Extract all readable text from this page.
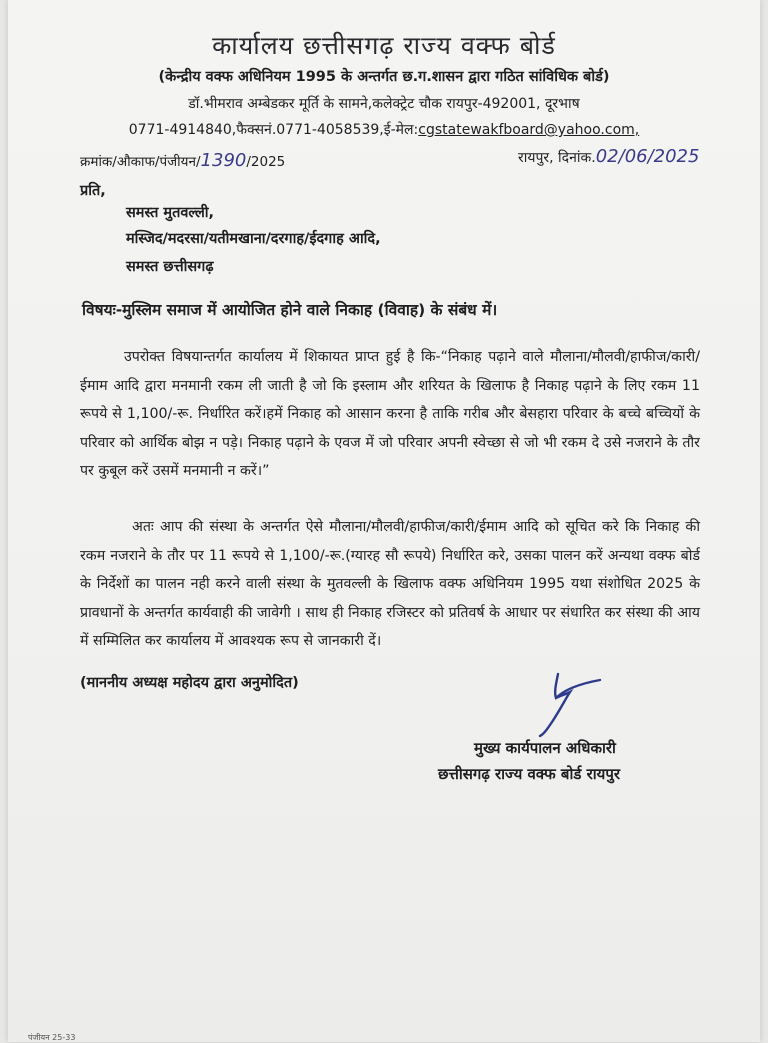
कार्यालय छत्तीसगढ़ राज्य वक्फ बोर्ड
(केन्द्रीय वक्फ अधिनियम 1995 के अन्तर्गत छ.ग.शासन द्वारा गठित सांविधिक बोर्ड)
डॉ.भीमराव अम्बेडकर मूर्ति के सामने,कलेक्ट्रेट चौक रायपुर-492001, दूरभाष
0771-4914840,फैक्सनं.0771-4058539,ई-मेल:cgstatewakfboard@yahoo.com,
क्रमांक/औकाफ/पंजीयन/1390/2025	रायपुर, दिनांक.02/06/2025
प्रति,
समस्त मुतवल्ली,
मस्जिद/मदरसा/यतीमखाना/दरगाह/ईदगाह आदि,
समस्त छत्तीसगढ़
विषयः-मुस्लिम समाज में आयोजित होने वाले निकाह (विवाह) के संबंध में।
उपरोक्त विषयान्तर्गत कार्यालय में शिकायत प्राप्त हुई है कि-“निकाह पढ़ाने वाले मौलाना/मौलवी/हाफीज/कारी/ईमाम आदि द्वारा मनमानी रकम ली जाती है जो कि इस्लाम और शरियत के खिलाफ है निकाह पढ़ाने के लिए रकम 11 रूपये से 1,100/-रू. निर्धारित करें।हमें निकाह को आसान करना है ताकि गरीब और बेसहारा परिवार के बच्चे बच्चियों के परिवार को आर्थिक बोझ न पड़े। निकाह पढ़ाने के एवज में जो परिवार अपनी स्वेच्छा से जो भी रकम दे उसे नजराने के तौर पर कुबूल करें उसमें मनमानी न करें।”
अतः आप की संस्था के अन्तर्गत ऐसे मौलाना/मौलवी/हाफीज/कारी/ईमाम आदि को सूचित करे कि निकाह की रकम नजराने के तौर पर 11 रूपये से 1,100/-रू.(ग्यारह सौ रूपये) निर्धारित करे, उसका पालन करें अन्यथा वक्फ बोर्ड के निर्देशों का पालन नही करने वाली संस्था के मुतवल्ली के खिलाफ वक्फ अधिनियम 1995 यथा संशोधित 2025 के प्रावधानों के अन्तर्गत कार्यवाही की जावेगी । साथ ही निकाह रजिस्टर को प्रतिवर्ष के आधार पर संधारित कर संस्था की आय में सम्मिलित कर कार्यालय में आवश्यक रूप से जानकारी दें।
(माननीय अध्यक्ष महोदय द्वारा अनुमोदित)
मुख्य कार्यपालन अधिकारी
छत्तीसगढ़ राज्य वक्फ बोर्ड रायपुर
पंजीयन 25-33
